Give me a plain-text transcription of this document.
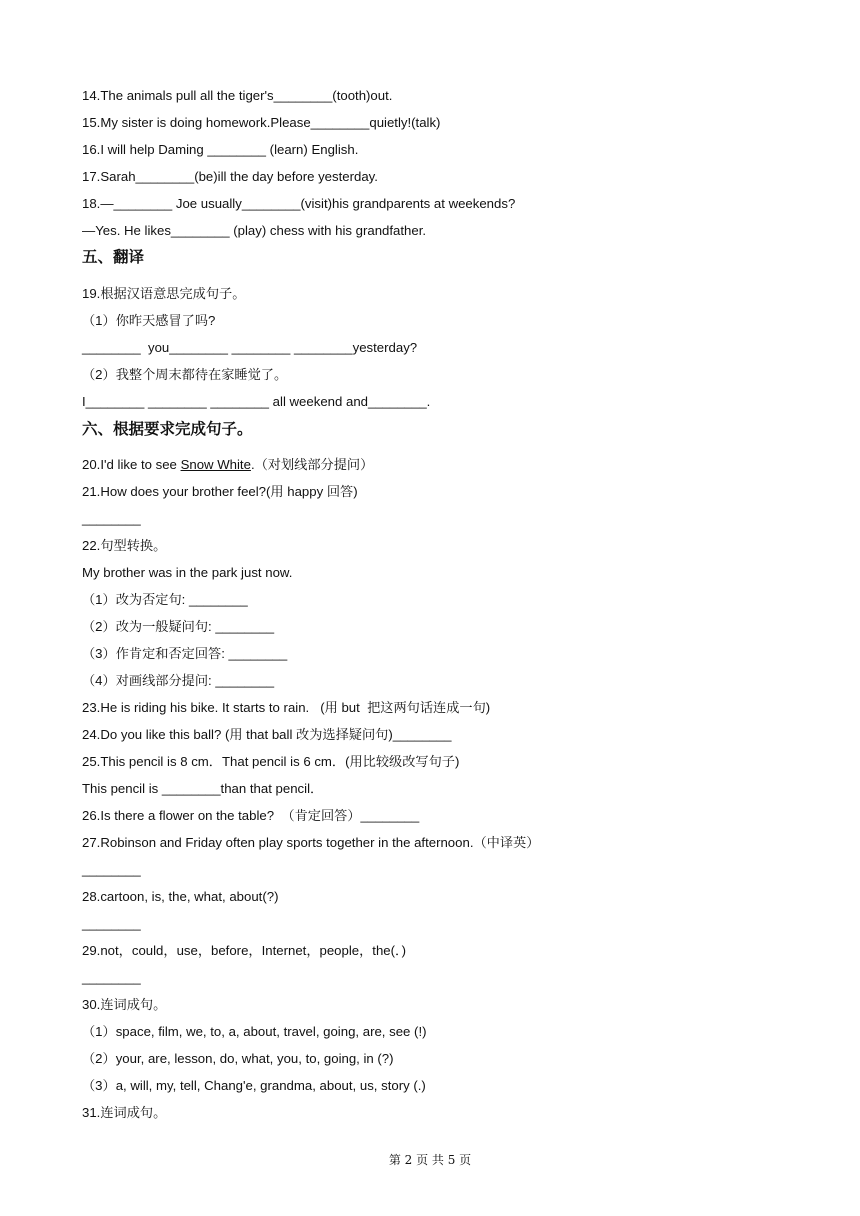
14.The animals pull all the tiger's________(tooth)out.
15.My sister is doing homework.Please________quietly!(talk)
16.I will help Daming ________ (learn) English.
17.Sarah________(be)ill the day before yesterday.
18.—________ Joe usually________(visit)his grandparents at weekends?
—Yes. He likes________ (play) chess with his grandfather.
五、翻译
19.根据汉语意思完成句子。
（1）你昨天感冒了吗?
________  you________ ________ ________yesterday?
（2）我整个周末都待在家睡觉了。
I________ ________ ________ all weekend and________.
六、根据要求完成句子。
20.I'd like to see Snow White.（对划线部分提问）
21.How does your brother feel?(用 happy 回答)
________
22.句型转换。
My brother was in the park just now.
（1）改为否定句: ________
（2）改为一般疑问句: ________
（3）作肯定和否定回答: ________
（4）对画线部分提问: ________
23.He is riding his bike. It starts to rain.   (用 but  把这两句话连成一句)
24.Do you like this ball? (用 that ball 改为选择疑问句)________
25.This pencil is 8 cm．That pencil is 6 cm．(用比较级改写句子)
This pencil is ________than that pencil．
26.Is there a flower on the table?  （肯定回答）________
27.Robinson and Friday often play sports together in the afternoon.（中译英）
________
28.cartoon, is, the, what, about(?)
________
29.not，could，use，before，Internet，people，the(．)
________
30.连词成句。
（1）space, film, we, to, a, about, travel, going, are, see (!)
（2）your, are, lesson, do, what, you, to, going, in (?)
（3）a, will, my, tell, Chang'e, grandma, about, us, story (.)
31.连词成句。
第 2 页 共 5 页
